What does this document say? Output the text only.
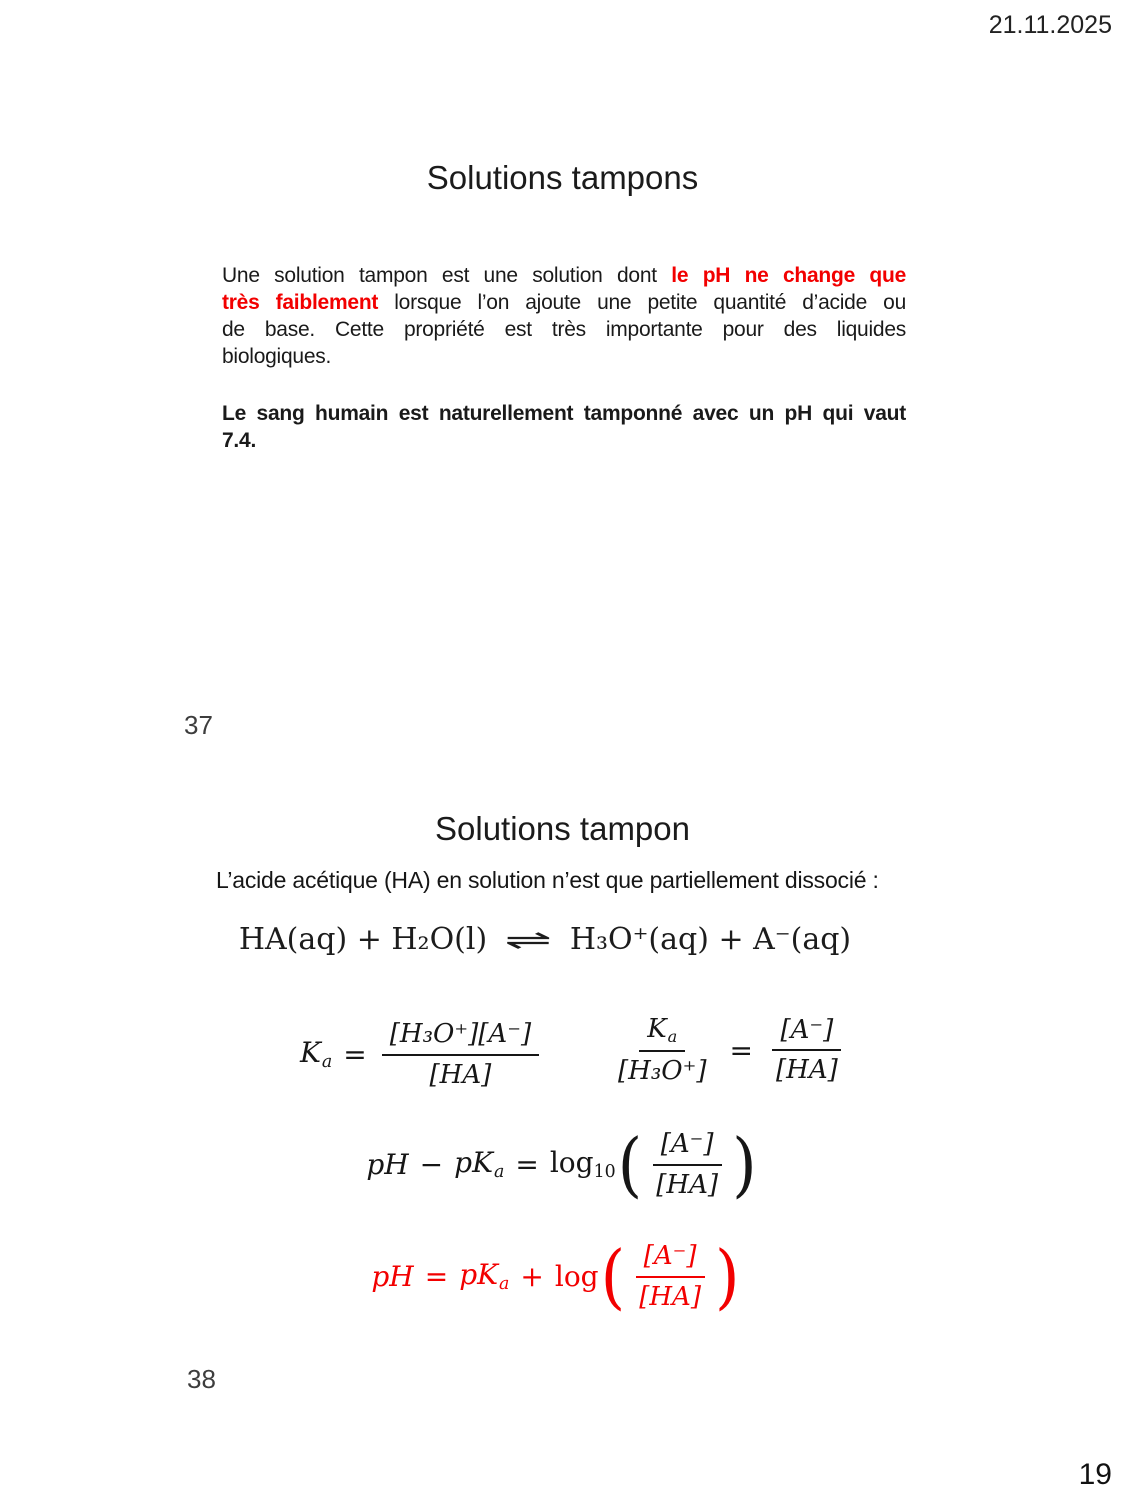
21.11.2025
Solutions tampons
Une solution tampon est une solution dont le pH ne change que
très faiblement lorsque l’on ajoute une petite quantité d’acide ou
de base. Cette propriété est très importante pour des liquides
biologiques.
Le sang humain est naturellement tamponné avec un pH qui vaut
7.4.
37
Solutions tampon
L’acide acétique (HA) en solution n’est que partiellement dissocié :
HA(aq) + H₂O(l) ⇌ H₃O⁺(aq) + A⁻(aq)
$K_a = \frac{\text{[H₃O⁺][A⁻]}}{[HA]}$	$\frac{K_a}{\text{[H₃O⁺]}} = \frac{[A^-]}{[HA]}$
pH − $pK_a = \log_{10}$ ( $\frac{[A^-]}{[HA]}$ )
pH = $pK_a + \log$ ( $\frac{[A^-]}{[HA]}$ )
38
19
